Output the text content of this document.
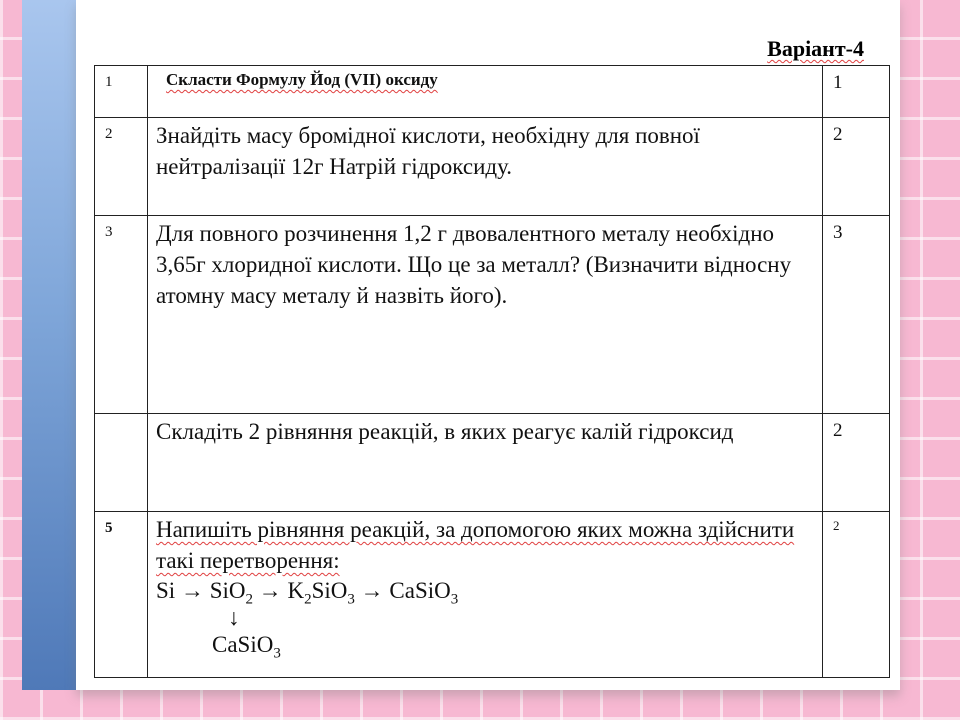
Варіант-4
1	Скласти Формулу Йод (VII) оксиду	1
2	Знайдіть масу бромідної кислоти, необхідну для повної нейтралізації 12г Натрій гідроксиду.	2
3	Для повного розчинення 1,2 г двовалентного металу необхідно 3,65г хлоридної кислоти. Що це за металл? (Визначити відносну атомну масу металу й назвіть його).	3
	Складіть 2 рівняння реакцій, в яких реагує калій гідроксид	2
5	Напишіть рівняння реакцій, за допомогою яких можна здійснити такі перетворення:
$Si \to SiO_2 \to K_2SiO_3$ → CaSiO$_3$
↓
CaSiO$_3$	2
